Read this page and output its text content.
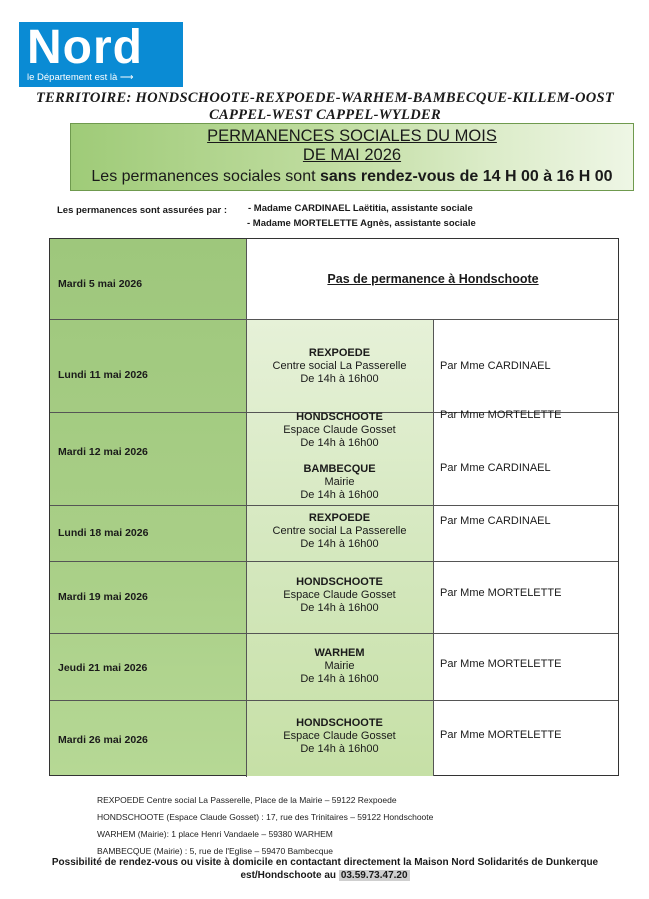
Nord
le Département est là ⟶
TERRITOIRE: HONDSCHOOTE-REXPOEDE-WARHEM-BAMBECQUE-KILLEM-OOST
CAPPEL-WEST CAPPEL-WYLDER
PERMANENCES SOCIALES DU MOIS
DE MAI 2026
Les permanences sociales sont sans rendez-vous de 14 H 00 à 16 H 00
Les permanences sont assurées par : - Madame CARDINAEL Laëtitia, assistante sociale
- Madame MORTELETTE Agnès, assistante sociale
Mardi 5 mai 2026	Pas de permanence à Hondschoote
Lundi 11 mai 2026
REXPOEDE
Centre social La Passerelle
De 14h à 16h00
Par Mme CARDINAEL
Mardi 12 mai 2026
HONDSCHOOTE
Espace Claude Gosset
De 14h à 16h00
Par Mme MORTELETTE
BAMBECQUE
Mairie
De 14h à 16h00
Par Mme CARDINAEL
Lundi 18 mai 2026
REXPOEDE
Centre social La Passerelle
De 14h à 16h00
Par Mme CARDINAEL
Mardi 19 mai 2026
HONDSCHOOTE
Espace Claude Gosset
De 14h à 16h00
Par Mme MORTELETTE
Jeudi 21 mai 2026
WARHEM
Mairie
De 14h à 16h00
Par Mme MORTELETTE
Mardi 26 mai 2026
HONDSCHOOTE
Espace Claude Gosset
De 14h à 16h00
Par Mme MORTELETTE
REXPOEDE Centre social La Passerelle, Place de la Mairie – 59122 Rexpoede
HONDSCHOOTE (Espace Claude Gosset) : 17, rue des Trinitaires – 59122 Hondschoote
WARHEM (Mairie): 1 place Henri Vandaele – 59380 WARHEM
BAMBECQUE (Mairie) : 5, rue de l'Eglise – 59470 Bambecque
Possibilité de rendez-vous ou visite à domicile en contactant directement la Maison Nord Solidarités de Dunkerque
est/Hondschoote au 03.59.73.47.20
